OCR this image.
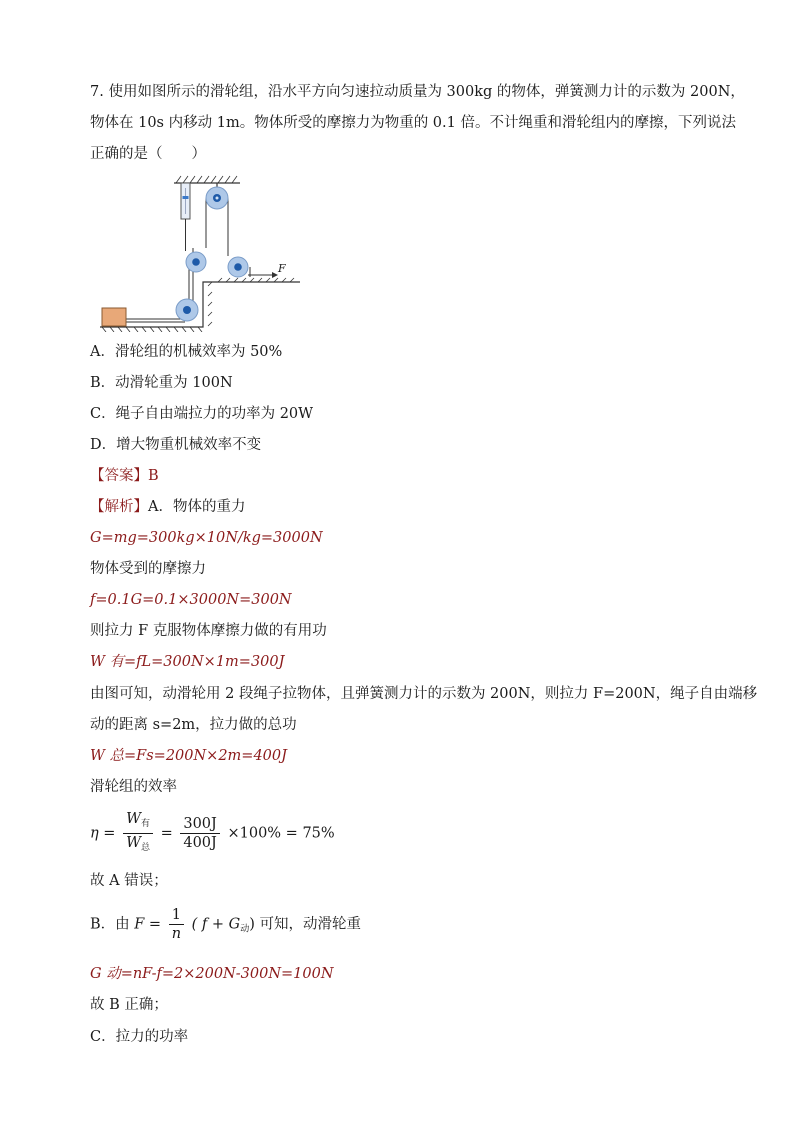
7. 使用如图所示的滑轮组，沿水平方向匀速拉动质量为 300kg 的物体，弹簧测力计的示数为 200N，
物体在 10s 内移动 1m。物体所受的摩擦力为物重的 0.1 倍。不计绳重和滑轮组内的摩擦，下列说法
正确的是（　　）
F
A．滑轮组的机械效率为 50%
B．动滑轮重为 100N
C．绳子自由端拉力的功率为 20W
D．增大物重机械效率不变
【答案】B
【解析】A．物体的重力
G=mg=300kg×10N/kg=3000N
物体受到的摩擦力
f=0.1G=0.1×3000N=300N
则拉力 F 克服物体摩擦力做的有用功
W 有=fL=300N×1m=300J
由图可知，动滑轮用 2 段绳子拉物体，且弹簧测力计的示数为 200N，则拉力 F=200N，绳子自由端移
动的距离 s=2m，拉力做的总功
W 总=Fs=200N×2m=400J
滑轮组的效率
$\eta = \frac{W_有}{W_总} = \frac{300J}{400J} \times 100\% = 75\%$
故 A 错误；
B．由 $F = \frac{1}{n}$ ( $f + G_动$) 可知，动滑轮重
G 动=nF-f=2×200N-300N=100N
故 B 正确；
C．拉力的功率
